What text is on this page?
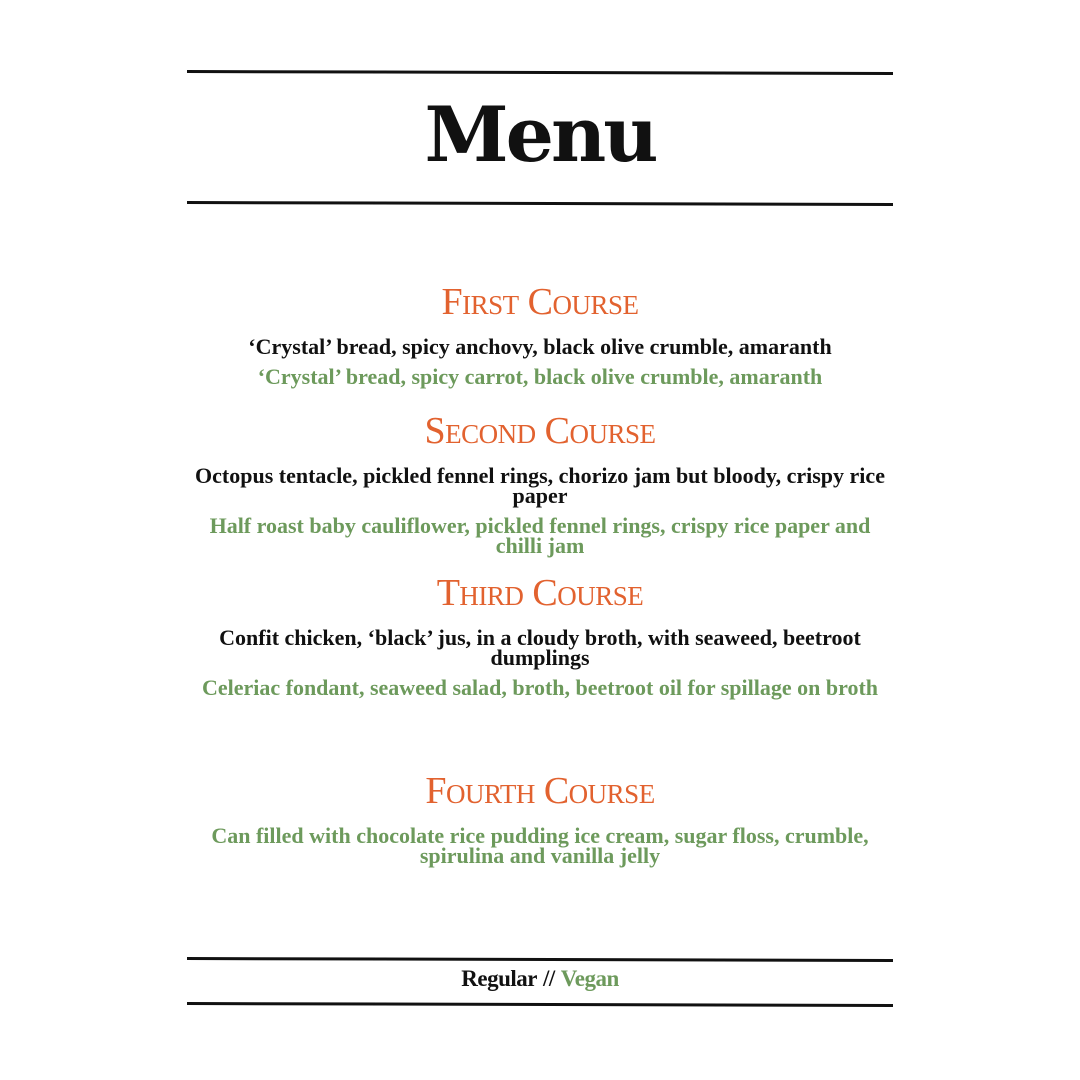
Menu
First Course
‘Crystal’ bread, spicy anchovy, black olive crumble, amaranth
‘Crystal’ bread, spicy carrot, black olive crumble, amaranth
Second Course
Octopus tentacle, pickled fennel rings, chorizo jam but bloody, crispy rice paper
Half roast baby cauliflower, pickled fennel rings, crispy rice paper and chilli jam
Third Course
Confit chicken, ‘black’ jus, in a cloudy broth, with seaweed, beetroot dumplings
Celeriac fondant, seaweed salad, broth, beetroot oil for spillage on broth
Fourth Course
Can filled with chocolate rice pudding ice cream, sugar floss, crumble, spirulina and vanilla jelly
Regular // Vegan
